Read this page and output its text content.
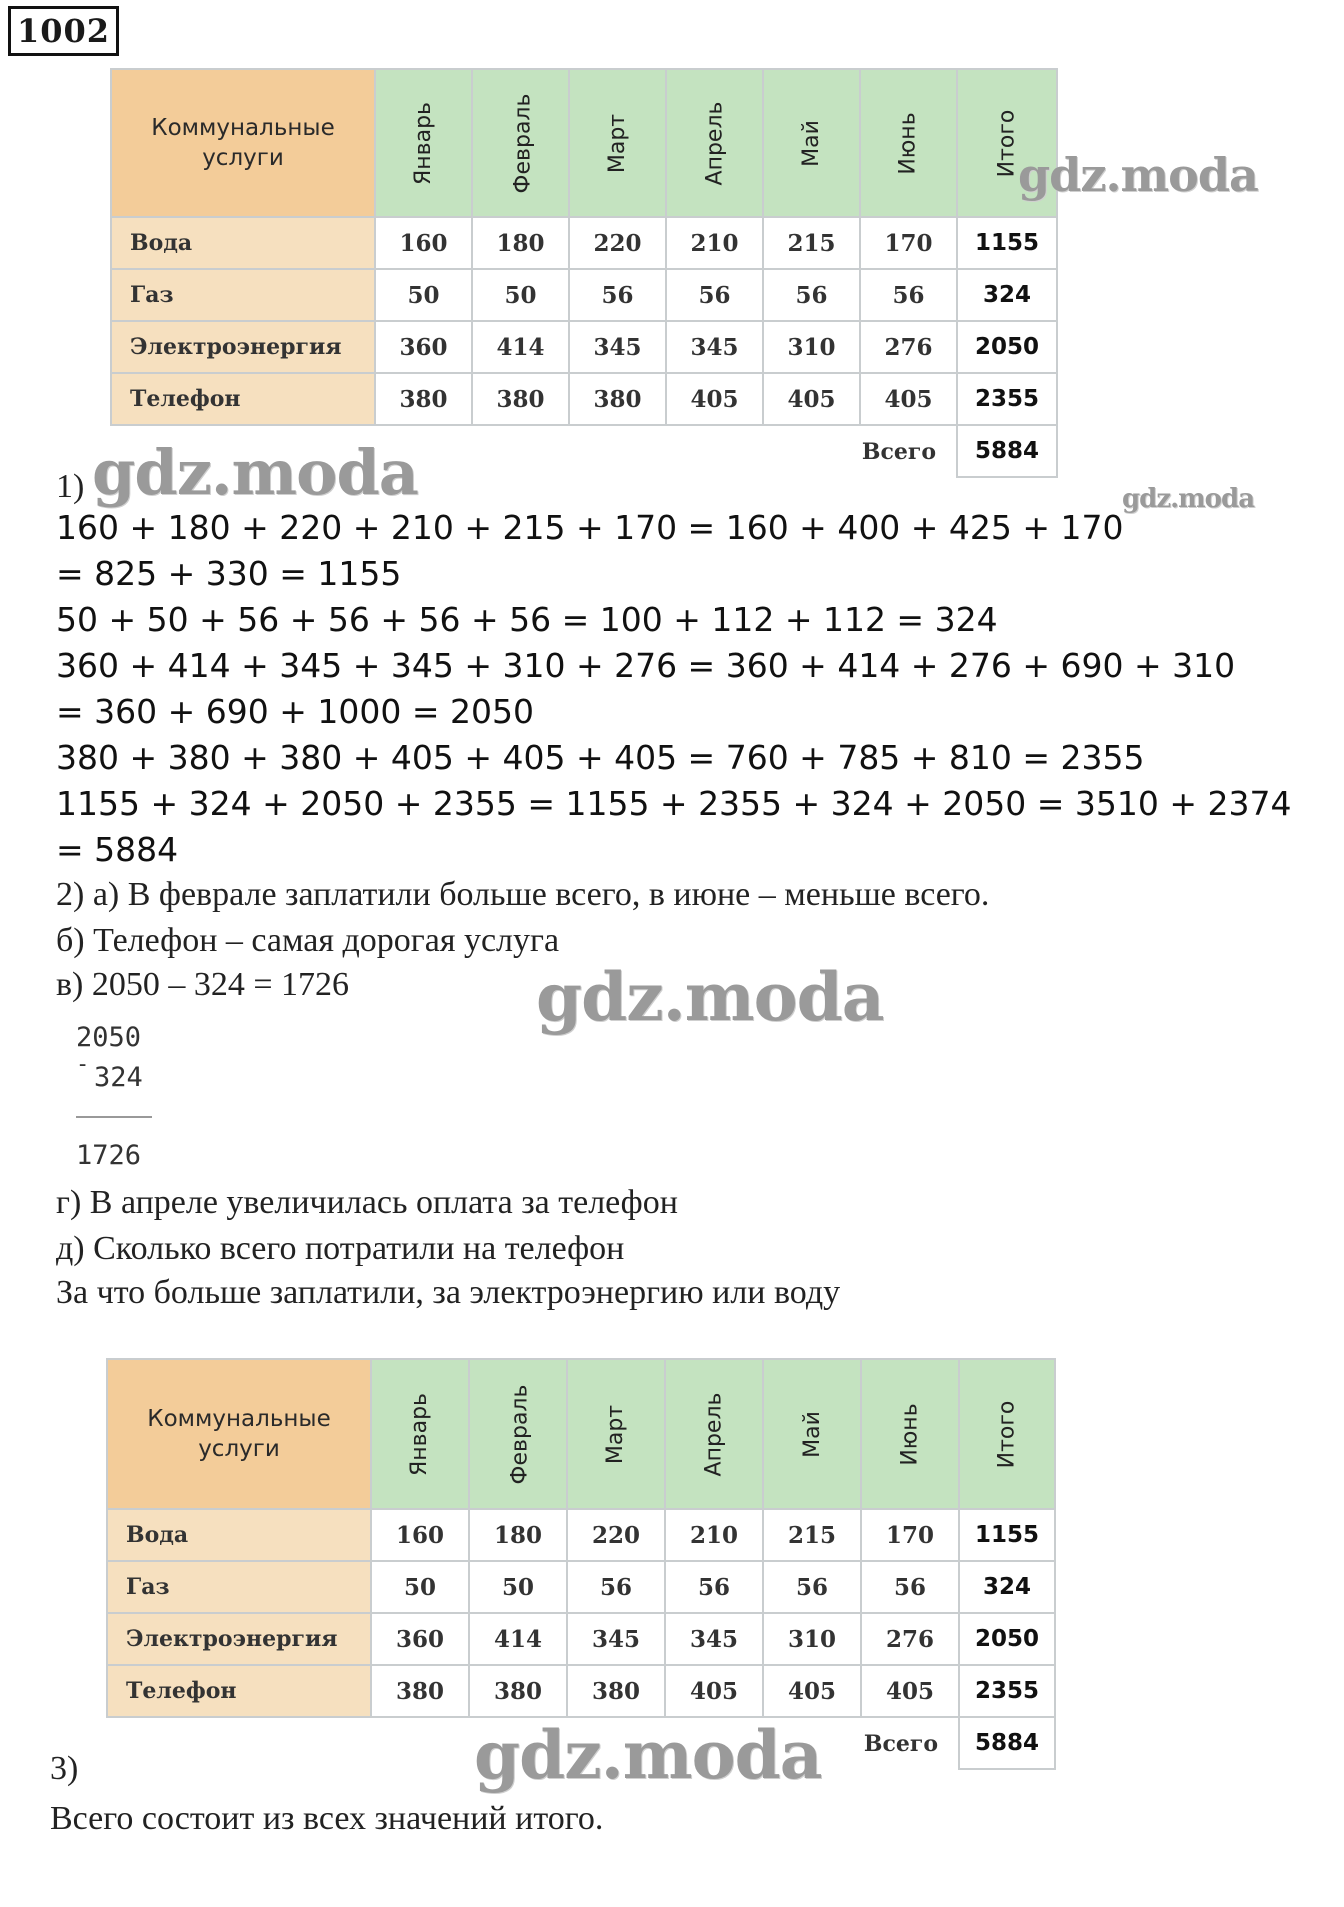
1002
Коммунальные
услуги	Январь	Февраль	Март	Апрель	Май	Июнь	Итого
Вода	160	180	220	210	215	170	1155
Газ	50	50	56	56	56	56	324
Электроэнергия	360	414	345	345	310	276	2050
Телефон	380	380	380	405	405	405	2355
					Всего		5884
gdz.moda
1) gdz.moda	gdz.moda
160 + 180 + 220 + 210 + 215 + 170 = 160 + 400 + 425 + 170
= 825 + 330 = 1155
50 + 50 + 56 + 56 + 56 + 56 = 100 + 112 + 112 = 324
360 + 414 + 345 + 345 + 310 + 276 = 360 + 414 + 276 + 690 + 310
= 360 + 690 + 1000 = 2050
380 + 380 + 380 + 405 + 405 + 405 = 760 + 785 + 810 = 2355
1155 + 324 + 2050 + 2355 = 1155 + 2355 + 324 + 2050 = 3510 + 2374
= 5884
2) а) В феврале заплатили больше всего, в июне – меньше всего.
б) Телефон – самая дорогая услуга
в) 2050 – 324 = 1726	gdz.moda
2050
- 324
1726
г) В апреле увеличилась оплата за телефон
д) Сколько всего потратили на телефон
За что больше заплатили, за электроэнергию или воду
Коммунальные
услуги	Январь	Февраль	Март	Апрель	Май	Июнь	Итого
Вода	160	180	220	210	215	170	1155
Газ	50	50	56	56	56	56	324
Электроэнергия	360	414	345	345	310	276	2050
Телефон	380	380	380	405	405	405	2355
					Всего		5884
3)	gdz.moda
Всего состоит из всех значений итого.
